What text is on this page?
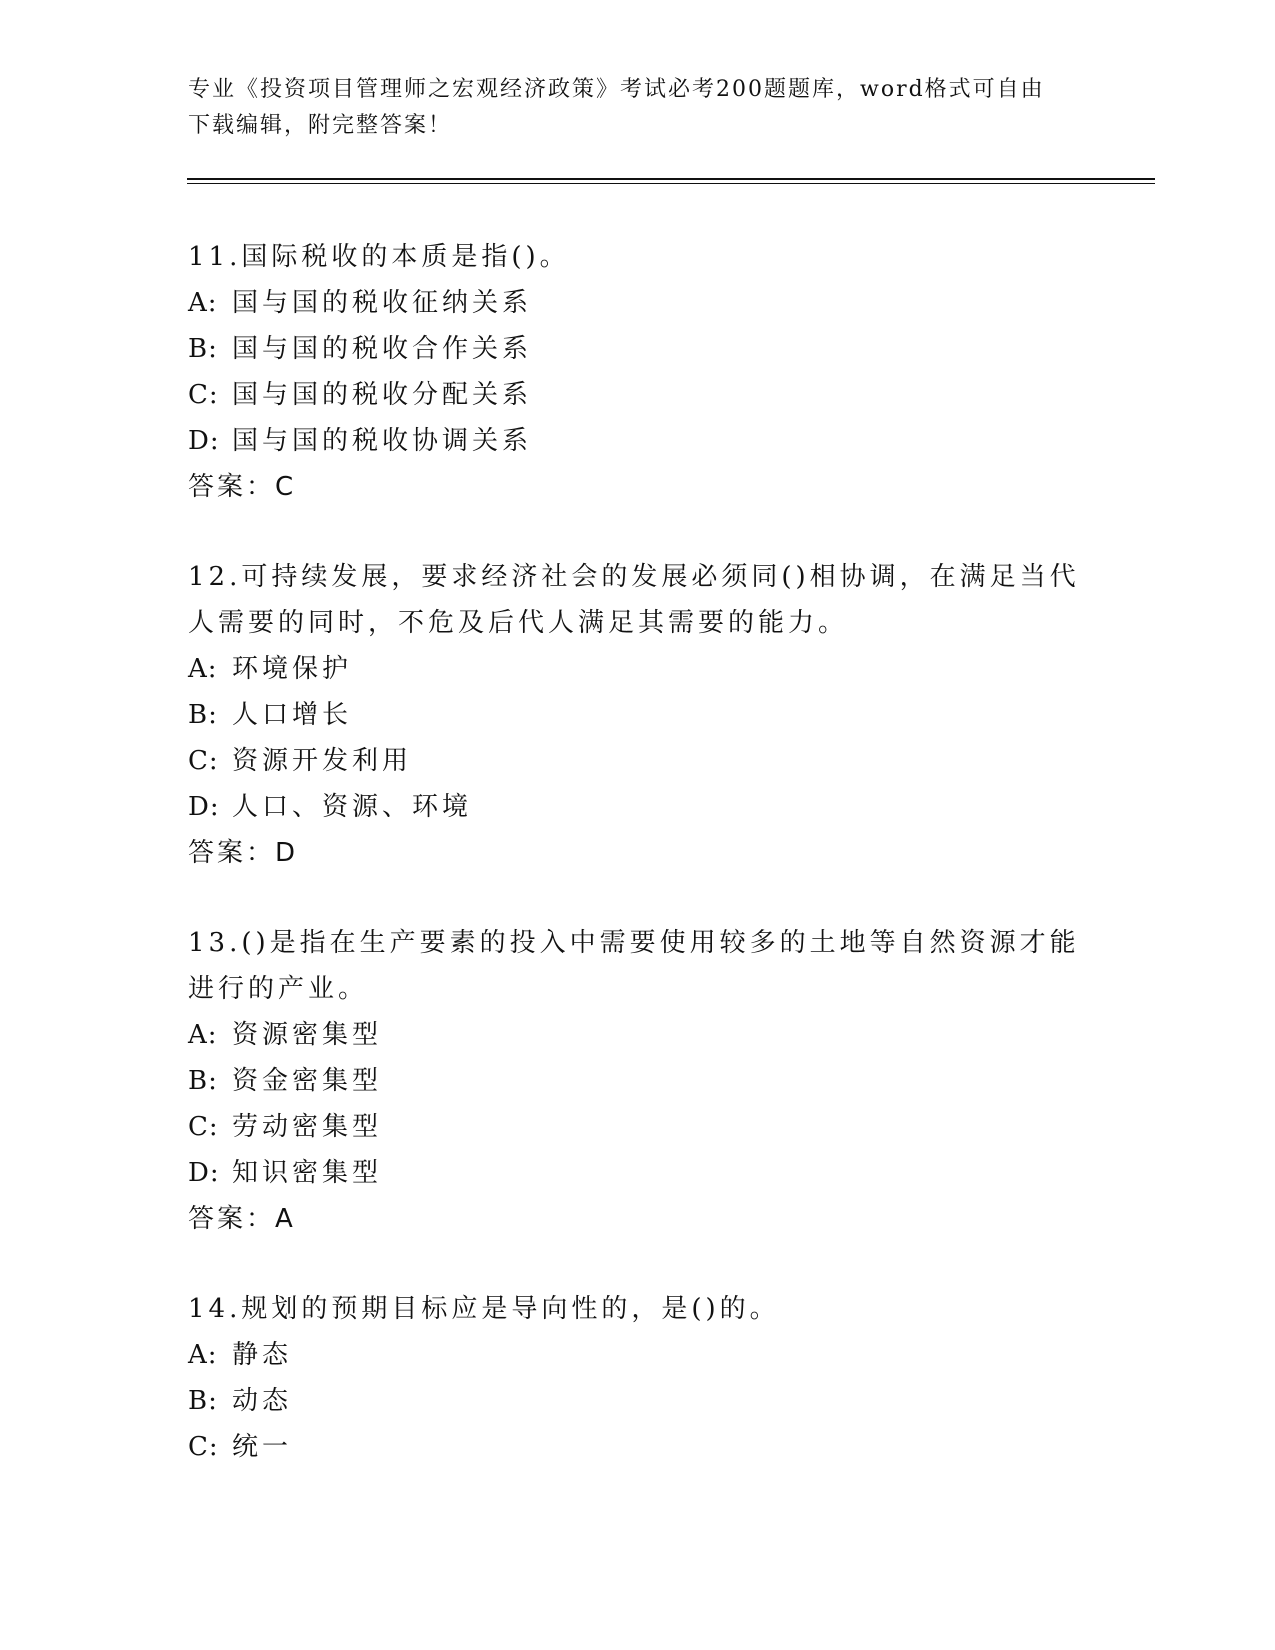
专业《投资项目管理师之宏观经济政策》考试必考200题题库，word格式可自由
下载编辑，附完整答案！

11.国际税收的本质是指()。

A: 国与国的税收征纳关系
B: 国与国的税收合作关系
C: 国与国的税收分配关系
D: 国与国的税收协调关系
答案：C

12.可持续发展，要求经济社会的发展必须同()相协调，在满足当代人需要的同时，不危及后代人满足其需要的能力。

A: 环境保护
B: 人口增长
C: 资源开发利用
D: 人口、资源、环境
答案：D

13.()是指在生产要素的投入中需要使用较多的土地等自然资源才能进行的产业。

A: 资源密集型
B: 资金密集型
C: 劳动密集型
D: 知识密集型
答案：A

14.规划的预期目标应是导向性的，是()的。

A: 静态
B: 动态
C: 统一
